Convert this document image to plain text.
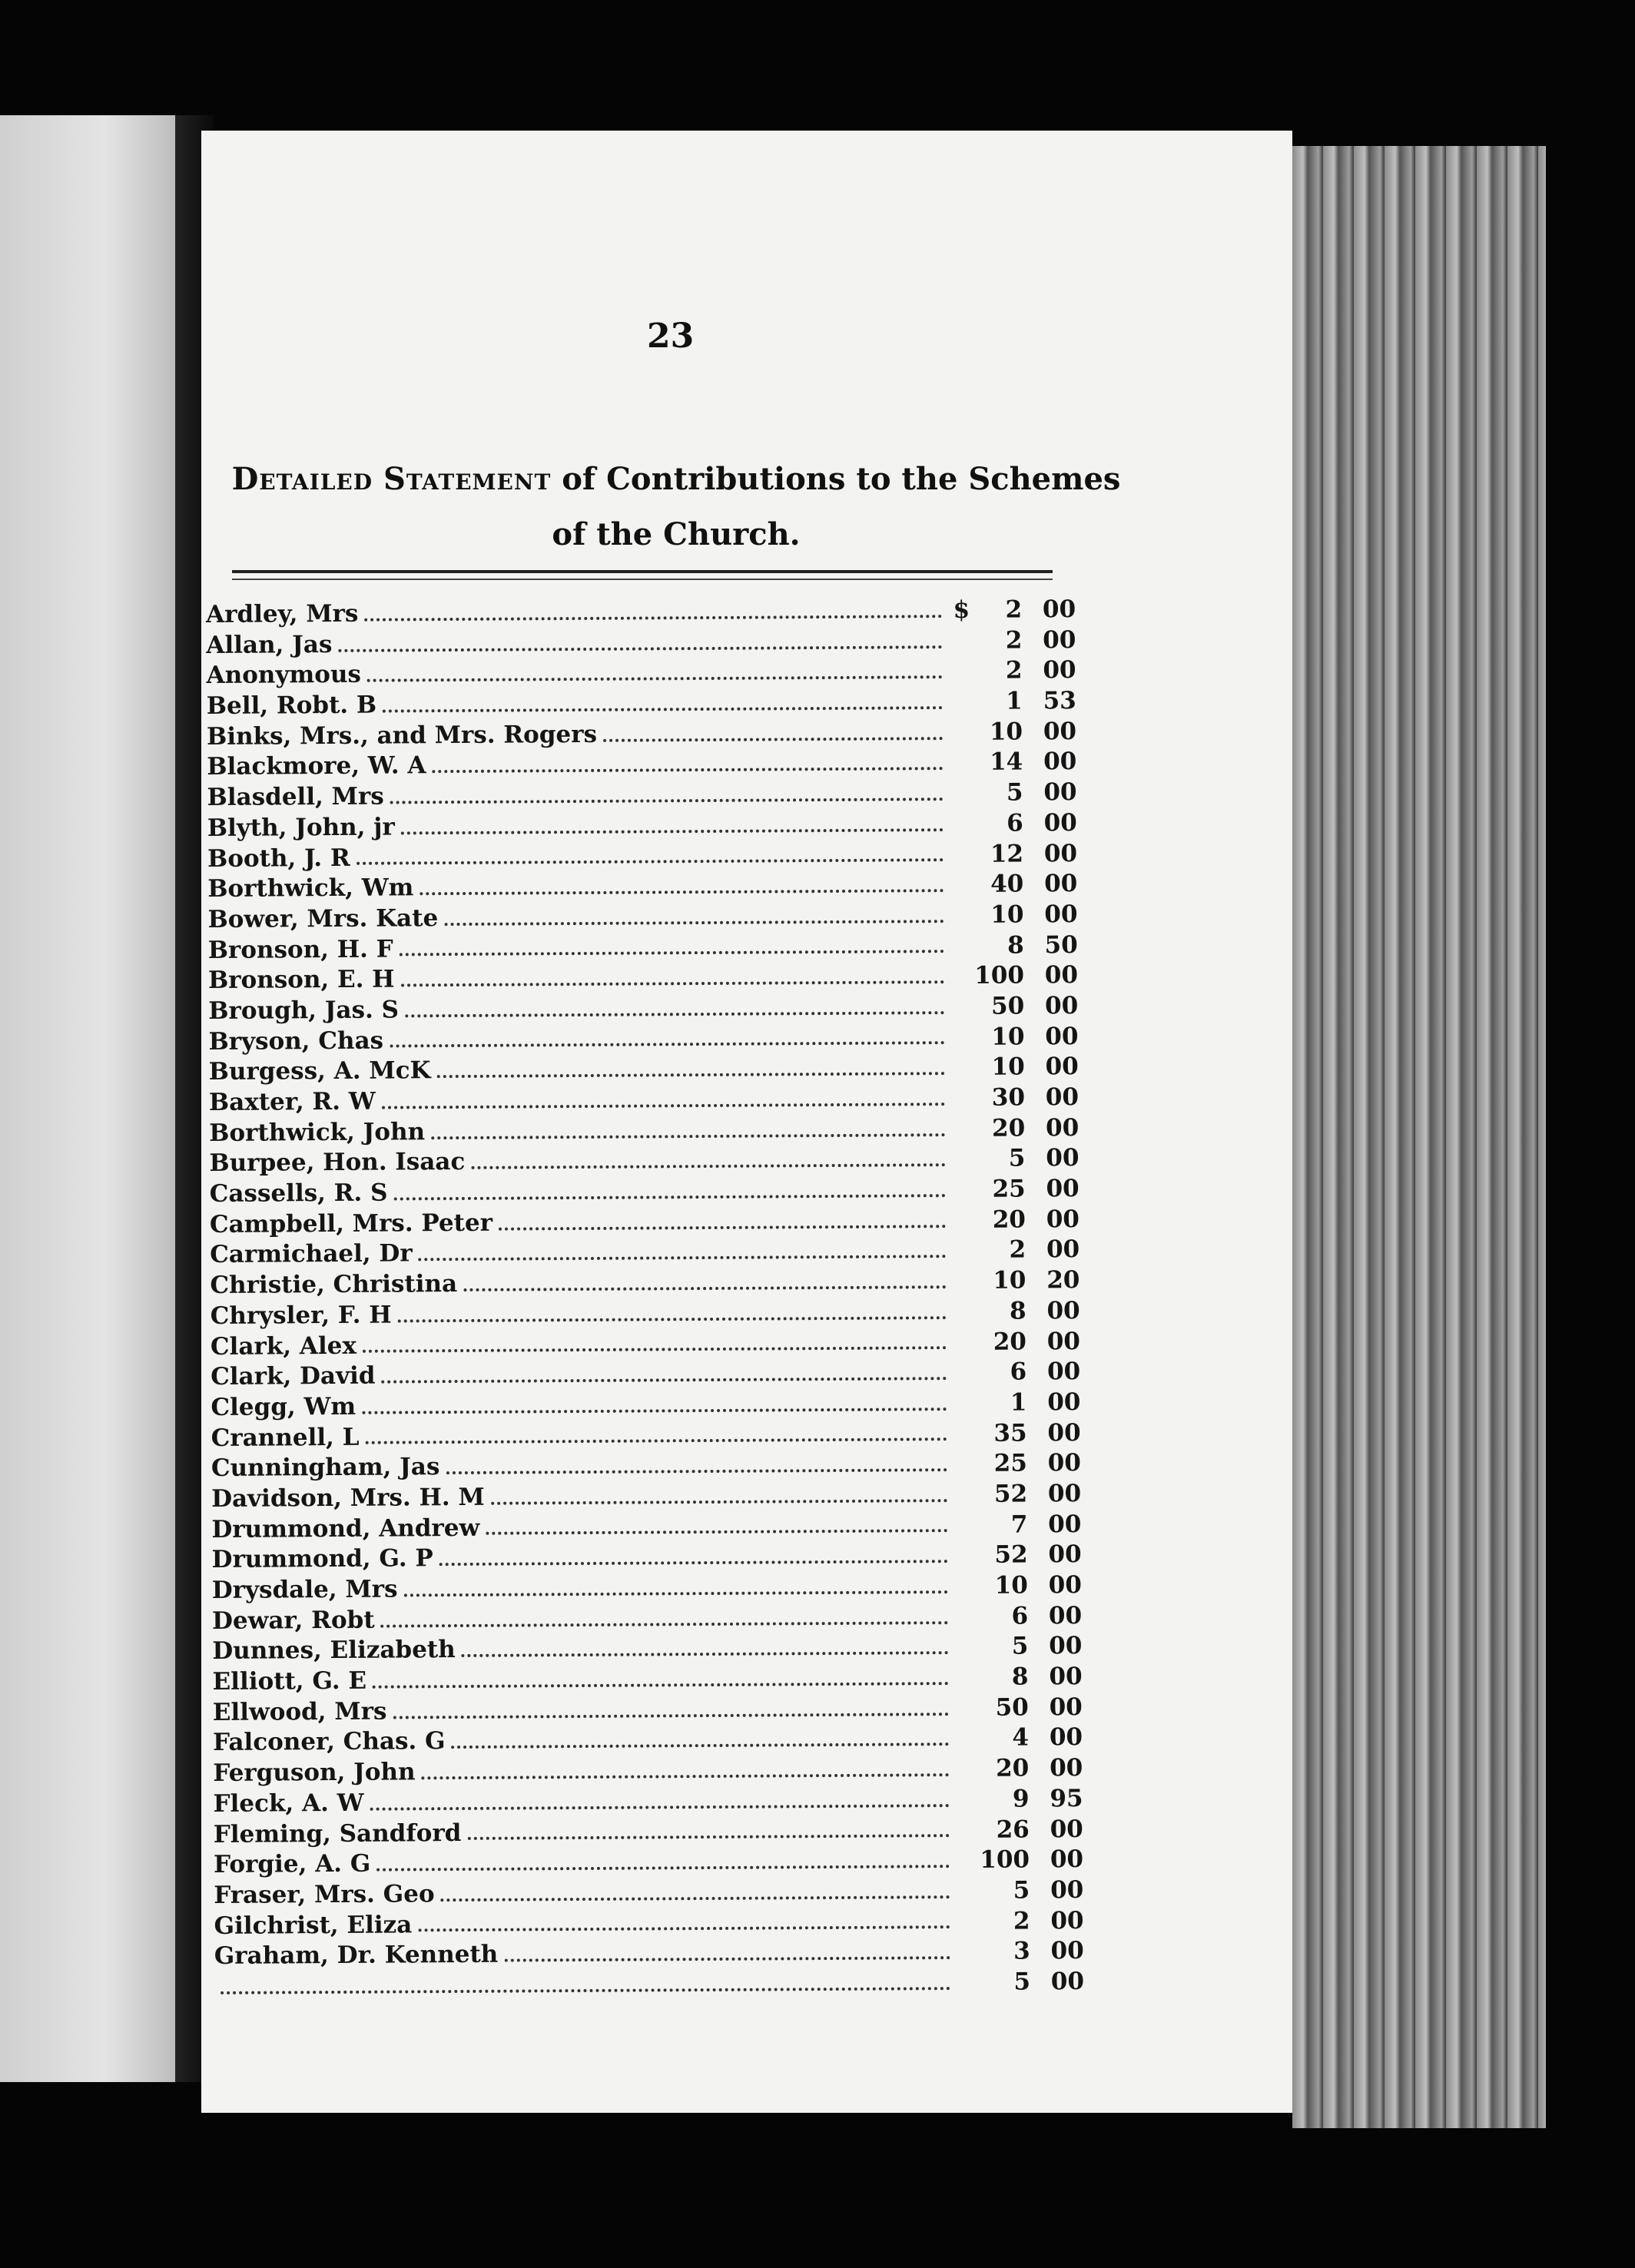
23
Detailed Statement of Contributions to the Schemes
of the Church.
Ardley, Mrs	$	2 00
Allan, Jas	2 00
Anonymous	2 00
Bell, Robt. B	1 53
Binks, Mrs., and Mrs. Rogers	10 00
Blackmore, W. A	14 00
Blasdell, Mrs	5 00
Blyth, John, jr	6 00
Booth, J. R	12 00
Borthwick, Wm	40 00
Bower, Mrs. Kate	10 00
Bronson, H. F	8 50
Bronson, E. H	100 00
Brough, Jas. S	50 00
Bryson, Chas	10 00
Burgess, A. McK	10 00
Baxter, R. W	30 00
Borthwick, John	20 00
Burpee, Hon. Isaac	5 00
Cassells, R. S	25 00
Campbell, Mrs. Peter	20 00
Carmichael, Dr	2 00
Christie, Christina	10 20
Chrysler, F. H	8 00
Clark, Alex	20 00
Clark, David	6 00
Clegg, Wm	1 00
Crannell, L	35 00
Cunningham, Jas	25 00
Davidson, Mrs. H. M	52 00
Drummond, Andrew	7 00
Drummond, G. P	52 00
Drysdale, Mrs	10 00
Dewar, Robt	6 00
Dunnes, Elizabeth	5 00
Elliott, G. E	8 00
Ellwood, Mrs	50 00
Falconer, Chas. G	4 00
Ferguson, John	20 00
Fleck, A. W	9 95
Fleming, Sandford	26 00
Forgie, A. G	100 00
Fraser, Mrs. Geo	5 00
Gilchrist, Eliza	2 00
Graham, Dr. Kenneth	3 00
5 00
